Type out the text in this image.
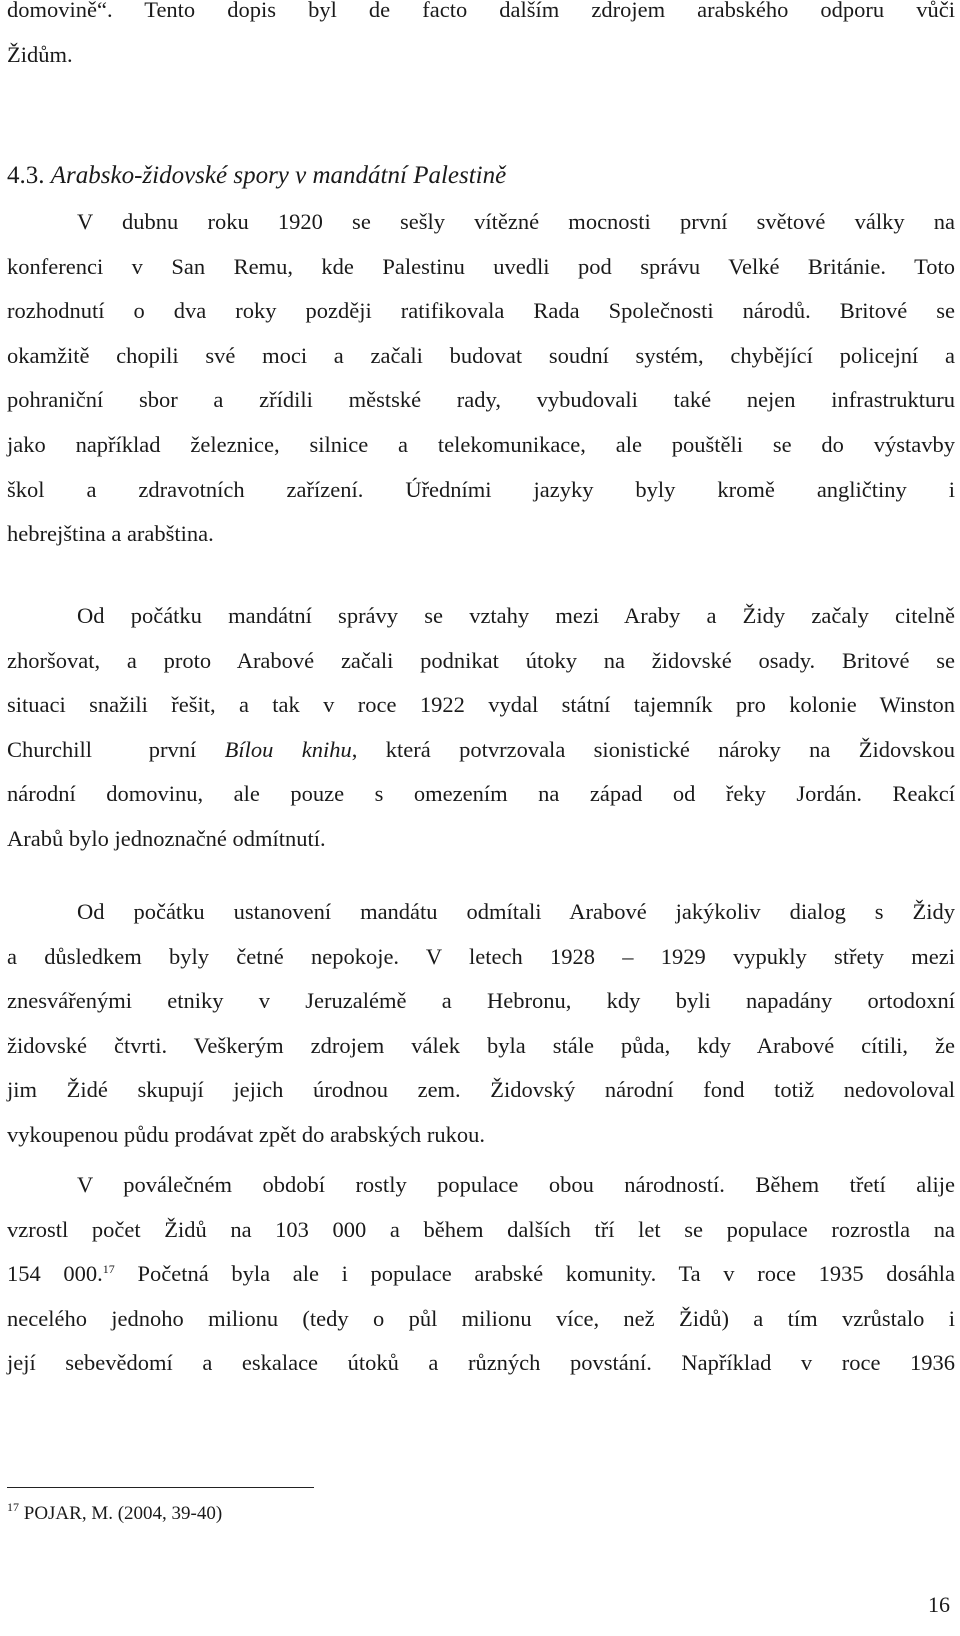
domovině“. Tento dopis byl de facto dalším zdrojem arabského odporu vůči
Židům.
4.3. Arabsko-židovské spory v mandátní Palestině
V dubnu roku 1920 se sešly vítězné mocnosti první světové války na
konferenci v San Remu, kde Palestinu uvedli pod správu Velké Británie. Toto
rozhodnutí o dva roky později ratifikovala Rada Společnosti národů. Britové se
okamžitě chopili své moci a začali budovat soudní systém, chybějící policejní a
pohraniční sbor a zřídili městské rady, vybudovali také nejen infrastrukturu
jako například železnice, silnice a telekomunikace, ale pouštěli se do výstavby
škol a zdravotních zařízení. Úředními jazyky byly kromě angličtiny i
hebrejština a arabština.
Od počátku mandátní správy se vztahy mezi Araby a Židy začaly citelně
zhoršovat, a proto Arabové začali podnikat útoky na židovské osady. Britové se
situaci snažili řešit, a tak v roce 1922 vydal státní tajemník pro kolonie Winston
Churchill  první Bílou knihu, která potvrzovala sionistické nároky na Židovskou
národní domovinu, ale pouze s omezením na západ od řeky Jordán. Reakcí
Arabů bylo jednoznačné odmítnutí.
Od počátku ustanovení mandátu odmítali Arabové jakýkoliv dialog s Židy
a důsledkem byly četné nepokoje. V letech 1928 – 1929 vypukly střety mezi
znesvářenými etniky v Jeruzalémě a Hebronu, kdy byli napadány ortodoxní
židovské čtvrti. Veškerým zdrojem válek byla stále půda, kdy Arabové cítili, že
jim Židé skupují jejich úrodnou zem. Židovský národní fond totiž nedovoloval
vykoupenou půdu prodávat zpět do arabských rukou.
V poválečném období rostly populace obou národností. Během třetí alije
vzrostl počet Židů na 103 000 a během dalších tří let se populace rozrostla na
154 000.17 Početná byla ale i populace arabské komunity. Ta v roce 1935 dosáhla
necelého jednoho milionu (tedy o půl milionu více, než Židů) a tím vzrůstalo i
její sebevědomí a eskalace útoků a různých povstání. Například v roce 1936
$^{17}$ POJAR, M. (2004, 39-40)
16
